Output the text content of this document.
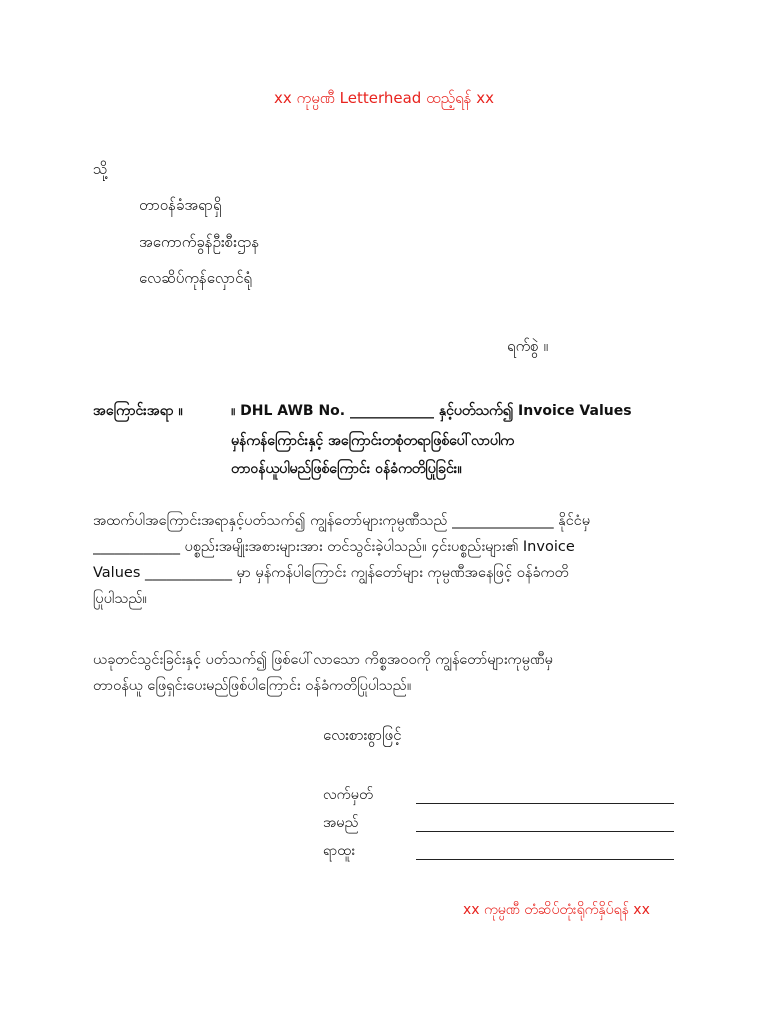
xx ကုမ္ပဏီ Letterhead ထည့်ရန် xx
သို့
တာဝန်ခံအရာရှိ
အကောက်ခွန်ဦးစီးဌာန
လေဆိပ်ကုန်လှောင်ရုံ
ရက်စွဲ ။
အကြောင်းအရာ ။	။ DHL AWB No. ____________ နှင့်ပတ်သက်၍ Invoice Values
မှန်ကန်ကြောင်းနှင့် အကြောင်းတစုံတရာဖြစ်ပေါ်လာပါက
တာဝန်ယူပါမည်ဖြစ်ကြောင်း ဝန်ခံကတိပြုခြင်း။
အထက်ပါအကြောင်းအရာနှင့်ပတ်သက်၍ ကျွန်တော်များကုမ္ပဏီသည် ______________ နိုင်ငံမှ
____________ ပစ္စည်းအမျိုးအစားများအား တင်သွင်းခဲ့ပါသည်။ ၄င်းပစ္စည်းများ၏ Invoice
Values ____________ မှာ မှန်ကန်ပါကြောင်း ကျွန်တော်များ ကုမ္ပဏီအနေဖြင့် ဝန်ခံကတိ
ပြုပါသည်။
ယခုတင်သွင်းခြင်းနှင့် ပတ်သက်၍ ဖြစ်ပေါ်လာသော ကိစ္စအဝဝကို ကျွန်တော်များကုမ္ပဏီမှ
တာဝန်ယူ ဖြေရှင်းပေးမည်ဖြစ်ပါကြောင်း ဝန်ခံကတိပြုပါသည်။
လေးစားစွာဖြင့်
လက်မှတ်
အမည်
ရာထူး
xx ကုမ္ပဏီ တံဆိပ်တုံးရိုက်နှိပ်ရန် xx
